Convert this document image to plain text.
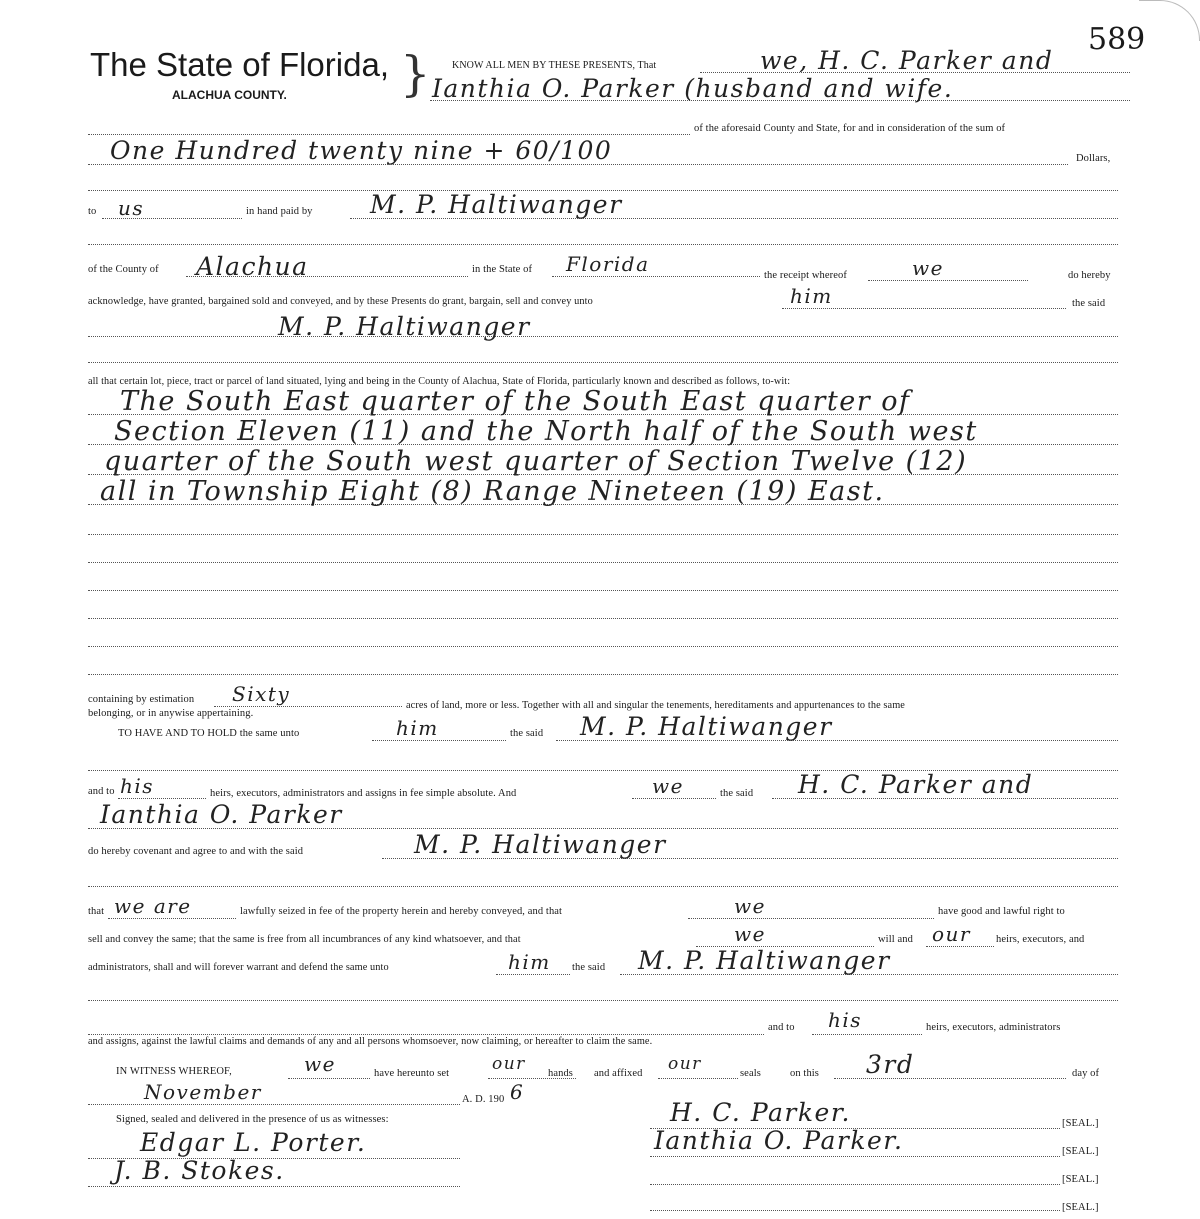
589
The State of Florida,
ALACHUA COUNTY. } KNOW ALL MEN BY THESE PRESENTS, That	we, H. C. Parker and
Ianthia O. Parker (husband and wife.
of the aforesaid County and State, for and in consideration of the sum of
One Hundred twenty nine + 60/100	Dollars,
to us	in hand paid by M. P. Haltiwanger
of the County of Alachua	in the State of Florida	the receipt whereof	we	do hereby
acknowledge, have granted, bargained sold and conveyed, and by these Presents do grant, bargain, sell and convey unto	him	the said
M. P. Haltiwanger
all that certain lot, piece, tract or parcel of land situated, lying and being in the County of Alachua, State of Florida, particularly known and described as follows, to-wit:
The South East quarter of the South East quarter of
Section Eleven (11) and the North half of the South west
quarter of the South west quarter of Section Twelve (12)
all in Township Eight (8) Range Nineteen (19) East.
containing by estimation Sixty	acres of land, more or less. Together with all and singular the tenements, hereditaments and appurtenances to the same
belonging, or in anywise appertaining.
TO HAVE AND TO HOLD the same unto	him	the said M. P. Haltiwanger
and to his	heirs, executors, administrators and assigns in fee simple absolute. And	we	the said H. C. Parker and
Ianthia O. Parker
do hereby covenant and agree to and with the said	M. P. Haltiwanger
that we are	lawfully seized in fee of the property herein and hereby conveyed, and that	we	have good and lawful right to
sell and convey the same; that the same is free from all incumbrances of any kind whatsoever, and that	we	will and our heirs, executors, and
administrators, shall and will forever warrant and defend the same unto	him the said M. P. Haltiwanger
and to his	heirs, executors, administrators
and assigns, against the lawful claims and demands of any and all persons whomsoever, now claiming, or hereafter to claim the same.
IN WITNESS WHEREOF,	we	have hereunto set	our hands and affixed our	seals	on this 3rd	day of
November	A. D. 190 6
Signed, sealed and delivered in the presence of us as witnesses:
Edgar L. Porter.
J. B. Stokes.
H. C. Parker.	[SEAL.]
Ianthia O. Parker.	[SEAL.]
[SEAL.]
[SEAL.]
